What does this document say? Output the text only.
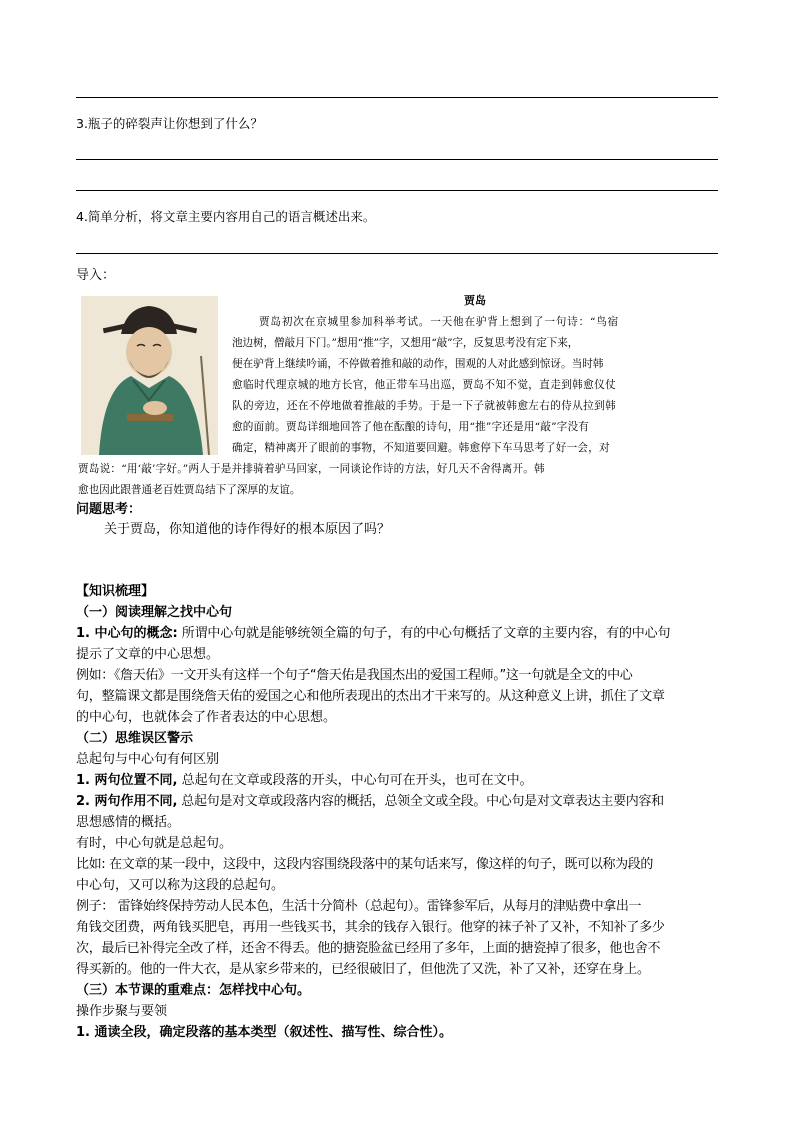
3.瓶子的碎裂声让你想到了什么？
4.简单分析，将文章主要内容用自己的语言概述出来。
导入：
贾岛
贾岛初次在京城里参加科举考试。一天他在驴背上想到了一句诗：“鸟宿
池边树，僧敲月下门。”想用“推”字，又想用“敲”字，反复思考没有定下来，
便在驴背上继续吟诵，不停做着推和敲的动作，围观的人对此感到惊讶。当时韩
愈临时代理京城的地方长官，他正带车马出巡，贾岛不知不觉，直走到韩愈仪仗
队的旁边，还在不停地做着推敲的手势。于是一下子就被韩愈左右的侍从拉到韩
愈的面前。贾岛详细地回答了他在酝酿的诗句，用“推”字还是用“敲”字没有
确定，精神离开了眼前的事物，不知道要回避。韩愈停下车马思考了好一会，对
贾岛说：“用‘敲’字好。”两人于是并排骑着驴马回家，一同谈论作诗的方法，好几天不舍得离开。韩
愈也因此跟普通老百姓贾岛结下了深厚的友谊。
问题思考：
关于贾岛，你知道他的诗作得好的根本原因了吗？
【知识梳理】
（一）阅读理解之找中心句
1. 中心句的概念: 所谓中心句就是能够统领全篇的句子，有的中心句概括了文章的主要内容，有的中心句
提示了文章的中心思想。
例如：《詹天佑》一文开头有这样一个句子“詹天佑是我国杰出的爱国工程师。”这一句就是全文的中心
句，整篇课文都是围绕詹天佑的爱国之心和他所表现出的杰出才干来写的。从这种意义上讲，抓住了文章
的中心句，也就体会了作者表达的中心思想。
（二）思维误区警示
总起句与中心句有何区别
1. 两句位置不同, 总起句在文章或段落的开头，中心句可在开头，也可在文中。
2. 两句作用不同, 总起句是对文章或段落内容的概括，总领全文或全段。中心句是对文章表达主要内容和
思想感情的概括。
有时，中心句就是总起句。
比如: 在文章的某一段中，这段中，这段内容围绕段落中的某句话来写，像这样的句子，既可以称为段的
中心句，又可以称为这段的总起句。
例子： 雷锋始终保持劳动人民本色，生活十分简朴（总起句）。雷锋参军后，从每月的津贴费中拿出一
角钱交团费，两角钱买肥皂，再用一些钱买书，其余的钱存入银行。他穿的袜子补了又补，不知补了多少
次，最后已补得完全改了样，还舍不得丢。他的搪瓷脸盆已经用了多年，上面的搪瓷掉了很多，他也舍不
得买新的。他的一件大衣，是从家乡带来的，已经很破旧了，但他洗了又洗，补了又补，还穿在身上。
（三）本节课的重难点：怎样找中心句。
操作步聚与要领
1. 通读全段，确定段落的基本类型（叙述性、描写性、综合性）。
